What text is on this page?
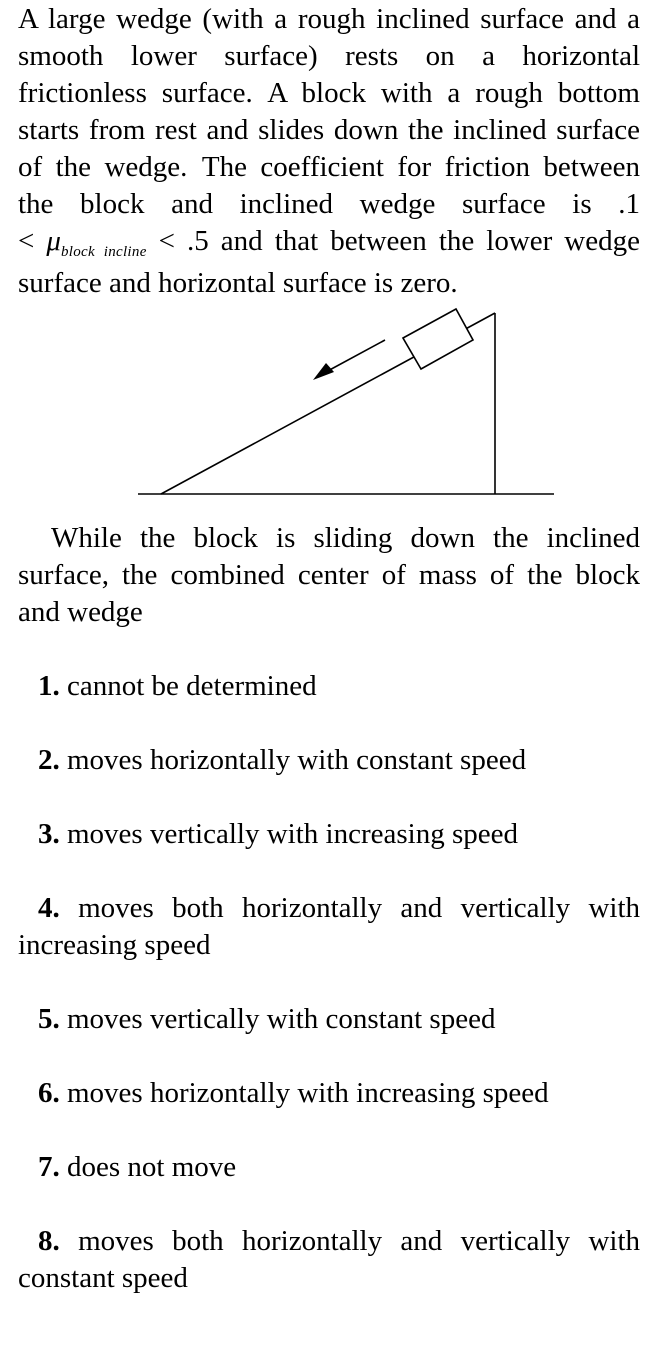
A large wedge (with a rough inclined surface and a smooth lower surface) rests on a horizontal frictionless surface. A block with a rough bottom starts from rest and slides down the inclined surface of the wedge. The coefficient for friction between the block and inclined wedge surface is $.1 < \mu_{block incline} < .5$ and that between the lower wedge surface and horizontal surface is zero.

While the block is sliding down the inclined surface, the combined center of mass of the block and wedge

1. cannot be determined
2. moves horizontally with constant speed
3. moves vertically with increasing speed
4. moves both horizontally and vertically with increasing speed
5. moves vertically with constant speed
6. moves horizontally with increasing speed
7. does not move
8. moves both horizontally and vertically with constant speed
